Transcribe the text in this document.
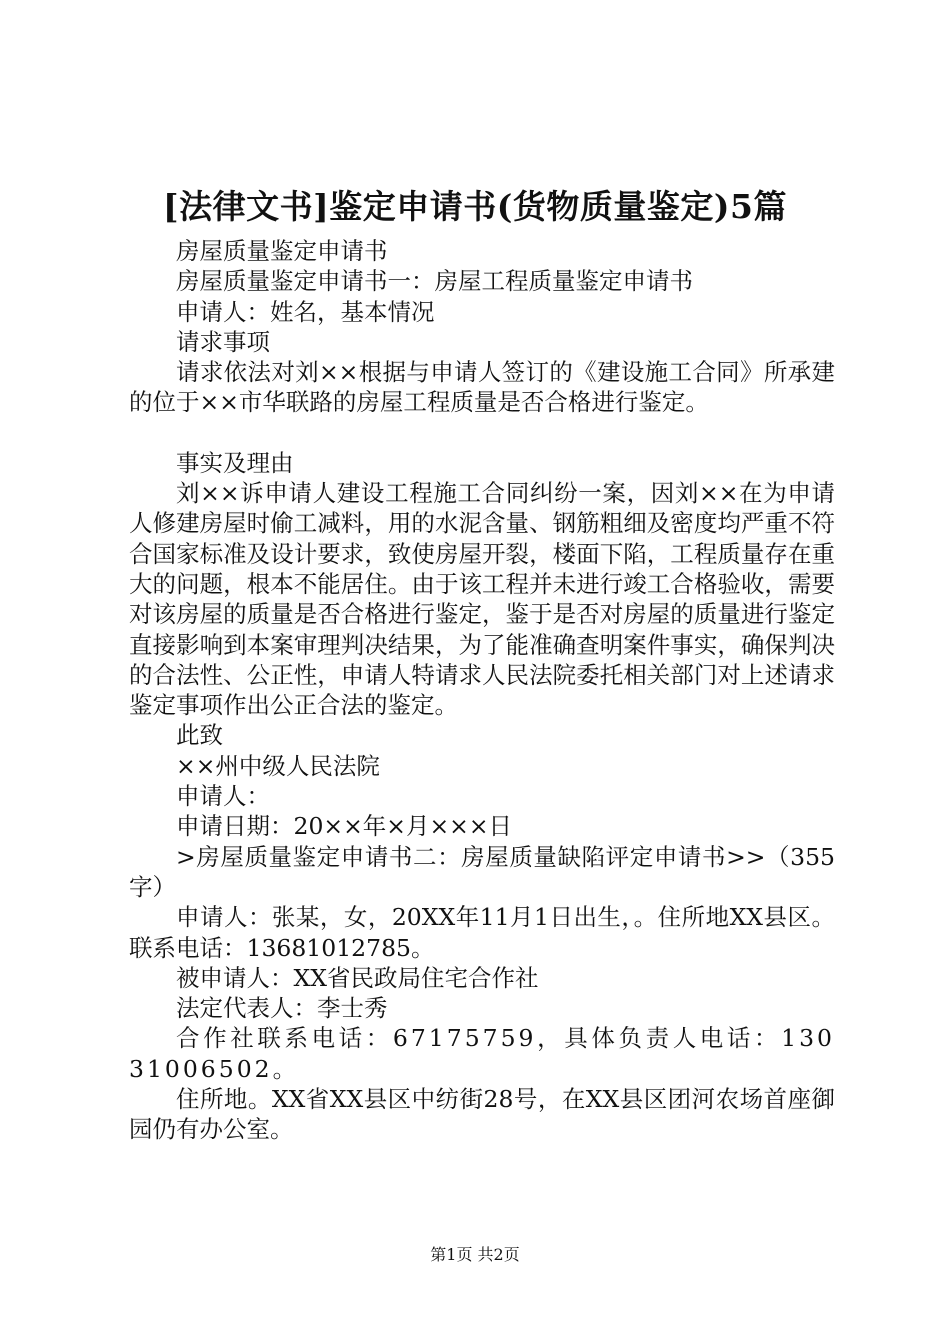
[法律文书]鉴定申请书(货物质量鉴定)5篇

房屋质量鉴定申请书

房屋质量鉴定申请书一：房屋工程质量鉴定申请书

申请人：姓名，基本情况

请求事项

请求依法对刘××根据与申请人签订的《建设施工合同》所承建的位于××市华联路的房屋工程质量是否合格进行鉴定。

事实及理由

刘××诉申请人建设工程施工合同纠纷一案，因刘××在为申请人修建房屋时偷工减料，用的水泥含量、钢筋粗细及密度均严重不符合国家标准及设计要求，致使房屋开裂，楼面下陷，工程质量存在重大的问题，根本不能居住。由于该工程并未进行竣工合格验收，需要对该房屋的质量是否合格进行鉴定，鉴于是否对房屋的质量进行鉴定直接影响到本案审理判决结果，为了能准确查明案件事实，确保判决的合法性、公正性，申请人特请求人民法院委托相关部门对上述请求鉴定事项作出公正合法的鉴定。

此致

××州中级人民法院

申请人：

申请日期：20××年×月×××日

>房屋质量鉴定申请书二：房屋质量缺陷评定申请书>>（355字）

申请人：张某，女，20XX年11月1日出生，。住所地XX县区。联系电话：13681012785。

被申请人：XX省民政局住宅合作社

法定代表人：李士秀

合作社联系电话：67175759，具体负责人电话：13031006502。

住所地。XX省XX县区中纺街28号，在XX县区团河农场首座御园仍有办公室。

第1页 共2页
